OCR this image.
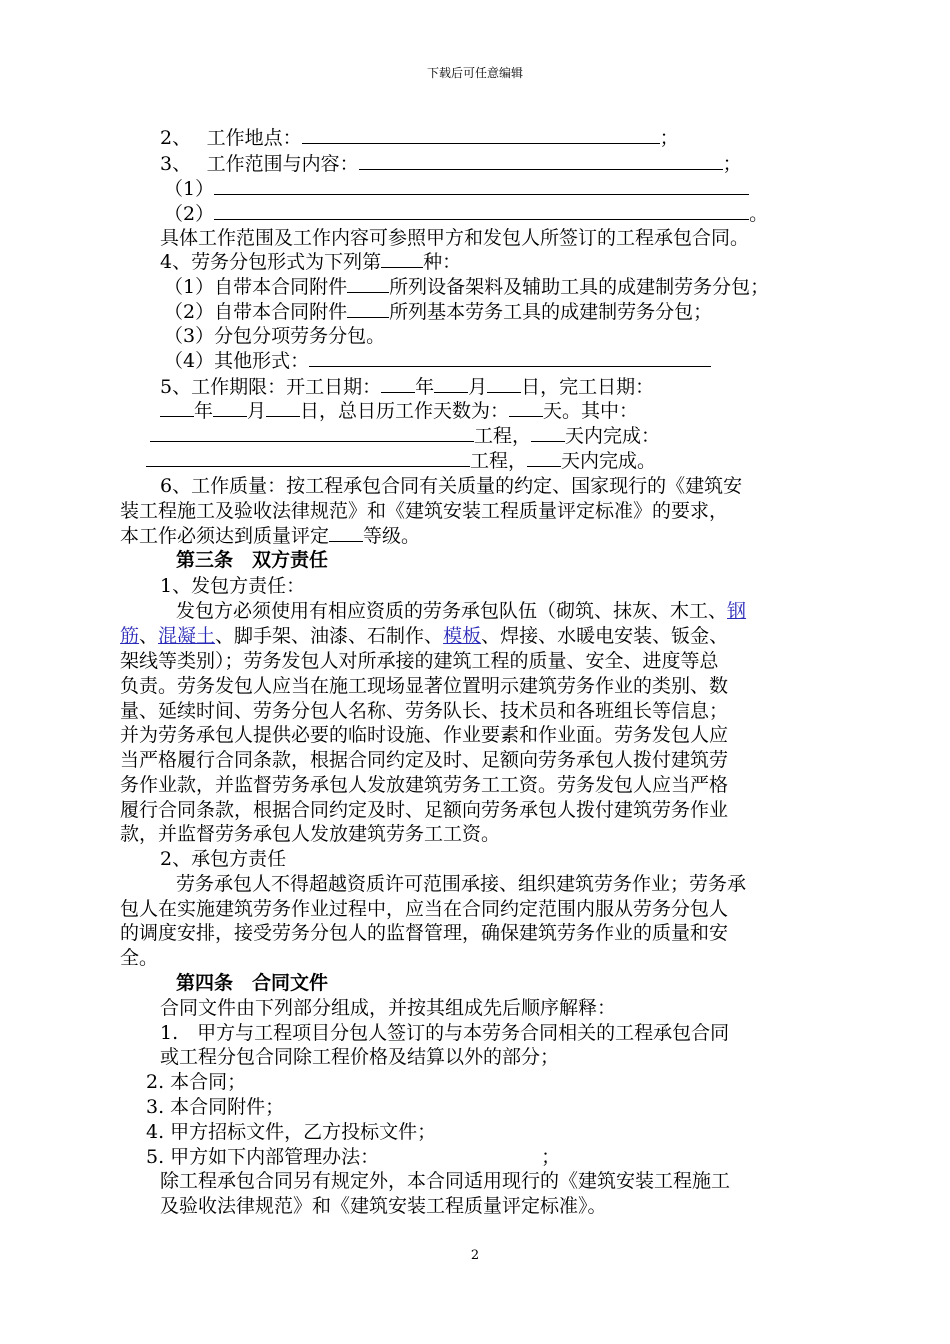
下载后可任意编辑
2、　 工作地点：	；
3、　 工作范围与内容：	；
（1）
（2）	。
具体工作范围及工作内容可参照甲方和发包人所签订的工程承包合同。
4、劳务分包形式为下列第 种：
（1）自带本合同附件 所列设备架料及辅助工具的成建制劳务分包；
（2）自带本合同附件 所列基本劳务工具的成建制劳务分包；
（3）分包分项劳务分包。
（4）其他形式：
5、工作期限：开工日期： 年 月 日，完工日期：
年 月 日，总日历工作天数为： 天。其中：
工程， 天内完成：
工程， 天内完成。
6、工作质量：按工程承包合同有关质量的约定、国家现行的《建筑安
装工程施工及验收法律规范》和《建筑安装工程质量评定标准》的要求，
本工作必须达到质量评定 等级。
第三条　双方责任
1、发包方责任：
发包方必须使用有相应资质的劳务承包队伍（砌筑、抹灰、木工、钢
筋、混凝土、脚手架、油漆、石制作、模板、焊接、水暖电安装、钣金、
架线等类别）；劳务发包人对所承接的建筑工程的质量、安全、进度等总
负责。劳务发包人应当在施工现场显著位置明示建筑劳务作业的类别、数
量、延续时间、劳务分包人名称、劳务队长、技术员和各班组长等信息；
并为劳务承包人提供必要的临时设施、作业要素和作业面。劳务发包人应
当严格履行合同条款，根据合同约定及时、足额向劳务承包人拨付建筑劳
务作业款，并监督劳务承包人发放建筑劳务工工资。劳务发包人应当严格
履行合同条款，根据合同约定及时、足额向劳务承包人拨付建筑劳务作业
款，并监督劳务承包人发放建筑劳务工工资。
2、承包方责任
劳务承包人不得超越资质许可范围承接、组织建筑劳务作业；劳务承
包人在实施建筑劳务作业过程中，应当在合同约定范围内服从劳务分包人
的调度安排，接受劳务分包人的监督管理，确保建筑劳务作业的质量和安
全。
第四条　合同文件
合同文件由下列部分组成，并按其组成先后顺序解释：
1.　甲方与工程项目分包人签订的与本劳务合同相关的工程承包合同
或工程分包合同除工程价格及结算以外的部分；
2. 本合同；
3. 本合同附件；
4. 甲方招标文件，乙方投标文件；
5. 甲方如下内部管理办法：	；
除工程承包合同另有规定外，本合同适用现行的《建筑安装工程施工
及验收法律规范》和《建筑安装工程质量评定标准》。
2
